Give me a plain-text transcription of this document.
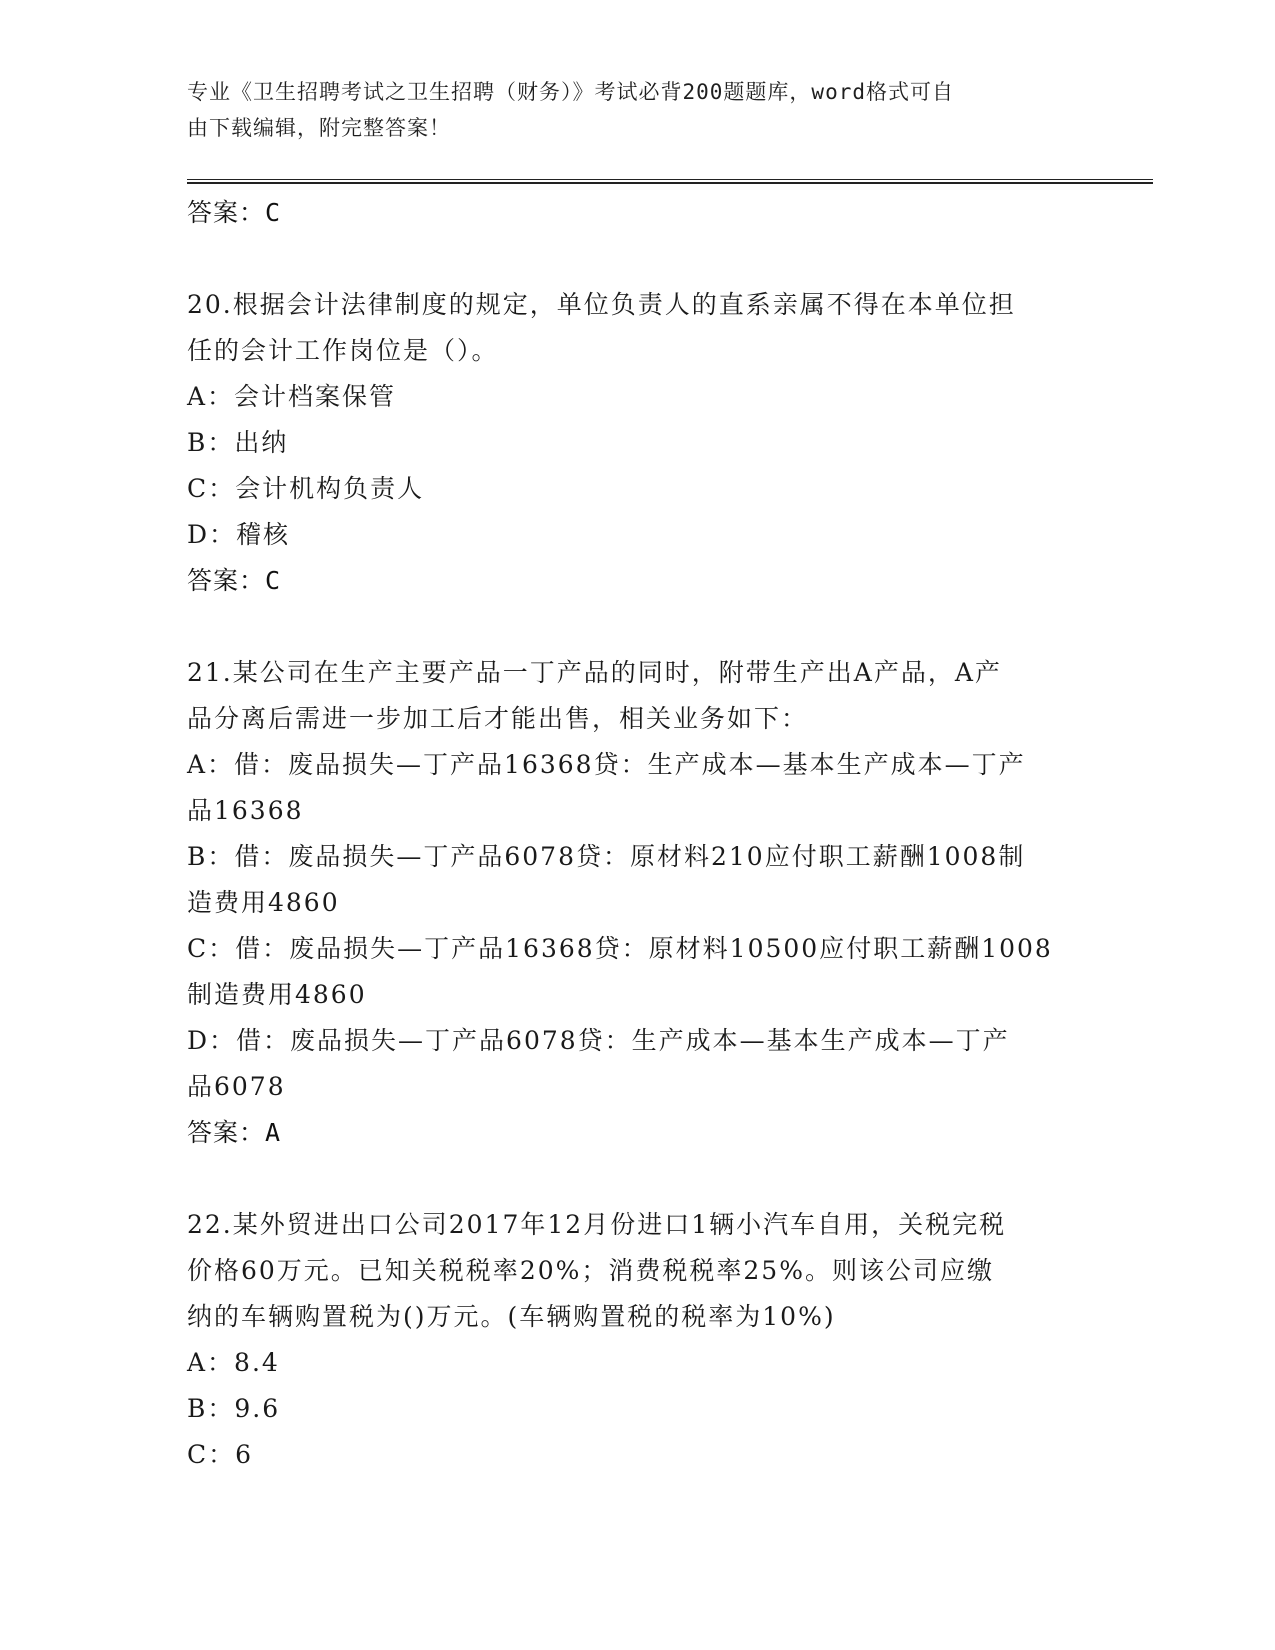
专业《卫生招聘考试之卫生招聘（财务）》考试必背200题题库，word格式可自
由下载编辑，附完整答案！
答案：C
20.根据会计法律制度的规定，单位负责人的直系亲属不得在本单位担
任的会计工作岗位是（）。
A：会计档案保管
B：出纳
C：会计机构负责人
D：稽核
答案：C
21.某公司在生产主要产品一丁产品的同时，附带生产出A产品，A产
品分离后需进一步加工后才能出售，相关业务如下：
A：借：废品损失—丁产品16368贷：生产成本—基本生产成本—丁产
品16368
B：借：废品损失—丁产品6078贷：原材料210应付职工薪酬1008制
造费用4860
C：借：废品损失—丁产品16368贷：原材料10500应付职工薪酬1008
制造费用4860
D：借：废品损失—丁产品6078贷：生产成本—基本生产成本—丁产
品6078
答案：A
22.某外贸进出口公司2017年12月份进口1辆小汽车自用，关税完税
价格60万元。已知关税税率20%；消费税税率25%。则该公司应缴
纳的车辆购置税为()万元。(车辆购置税的税率为10%)
A：8.4
B：9.6
C：6
